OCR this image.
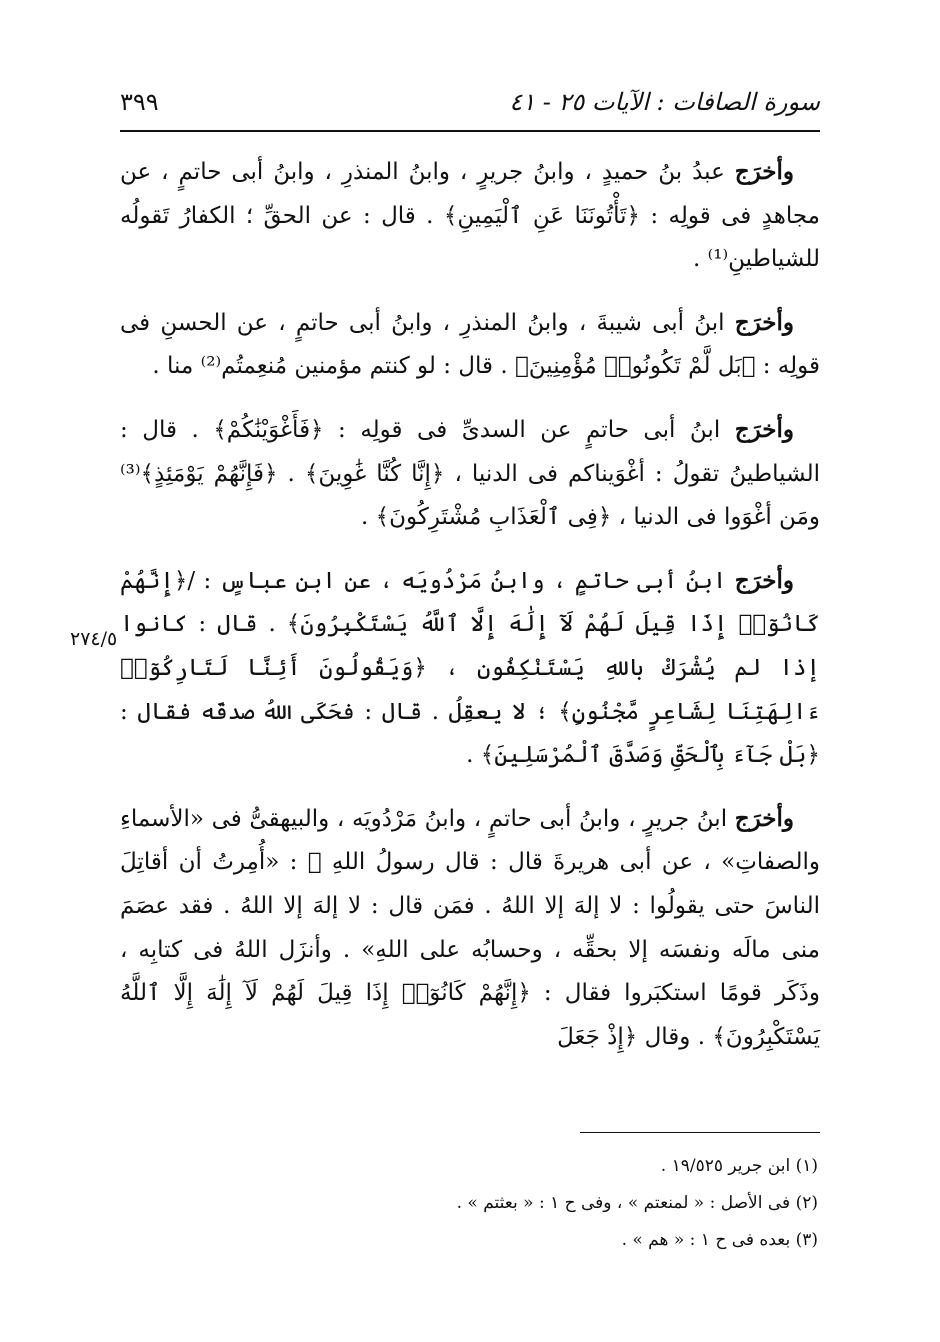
سورة الصافات : الآيات ٢٥ - ٤١
٣٩٩
٢٧٤/٥

وأخرَج عبدُ بنُ حميدٍ ، وابنُ جريرٍ ، وابنُ المنذرِ ، وابنُ أبى حاتمٍ ، عن مجاهدٍ فى قولِه : ﴿تَأْتُونَنَا عَنِ ٱلْيَمِينِ﴾ . قال : عن الحقِّ ؛ الكفارُ تَقولُه للشياطينِ⁽¹⁾ .

وأخرَج ابنُ أبى شيبةَ ، وابنُ المنذرِ ، وابنُ أبى حاتمٍ ، عن الحسنِ فى قولِه : ﴿بَل لَّمْ تَكُونُوا۟ مُؤْمِنِينَ﴾ . قال : لو كنتم مؤمنين مُنعِمتُم⁽²⁾ منا .

وأخرَج ابنُ أبى حاتمٍ عن السدىِّ فى قولِه : ﴿فَأَغْوَيْنَٰكُمْ﴾ . قال : الشياطينُ تقولُ : أغْوَيناكم فى الدنيا ، ﴿إِنَّا كُنَّا غَٰوِينَ﴾ . ﴿فَإِنَّهُمْ يَوْمَئِذٍ﴾⁽³⁾ ومَن أغْوَوا فى الدنيا ، ﴿فِى ٱلْعَذَابِ مُشْتَرِكُونَ﴾ .

وأخرَج ابنُ أبى حاتمٍ ، وابنُ مَرْدُويَه ، عن ابنِ عباسٍ : /﴿إِنَّهُمْ كَانُوٓا۟ إِذَا قِيلَ لَهُمْ لَآ إِلَٰهَ إِلَّا ٱللَّهُ يَسْتَكْبِرُونَ﴾ . قال : كانوا إذا لم يُشْرَكْ باللهِ يَسْتَنْكِفُون ، ﴿وَيَقُولُونَ أَئِنَّا لَتَارِكُوٓا۟ ءَالِهَتِنَا لِشَاعِرٍ مَّجْنُونٍ﴾ ؛ لا يعقِلُ . قال : فحَكَى اللهُ صدقَه فقال : ﴿بَلْ جَآءَ بِٱلْحَقِّ وَصَدَّقَ ٱلْمُرْسَلِينَ﴾ .

وأخرَج ابنُ جريرٍ ، وابنُ أبى حاتمٍ ، وابنُ مَرْدُويَه ، والبيهقىُّ فى «الأسماءِ والصفاتِ» ، عن أبى هريرةَ قال : قال رسولُ اللهِ ﷺ : «أُمِرتُ أن أقاتِلَ الناسَ حتى يقولُوا : لا إلهَ إلا اللهُ . فمَن قال : لا إلهَ إلا اللهُ . فقد عصَمَ منى مالَه ونفسَه إلا بحقِّه ، وحسابُه على اللهِ» . وأنزَل اللهُ فى كتابِه ، وذَكَر قومًا استكبَروا فقال : ﴿إِنَّهُمْ كَانُوٓا۟ إِذَا قِيلَ لَهُمْ لَآ إِلَٰهَ إِلَّا ٱللَّهُ يَسْتَكْبِرُونَ﴾ . وقال ﴿إِذْ جَعَلَ

(١) ابن جرير ١٩/٥٢٥ .
(٢) فى الأصل : « لمنعتم » ، وفى ح ١ : « بعثتم » .
(٣) بعده فى ح ١ : « هم » .
